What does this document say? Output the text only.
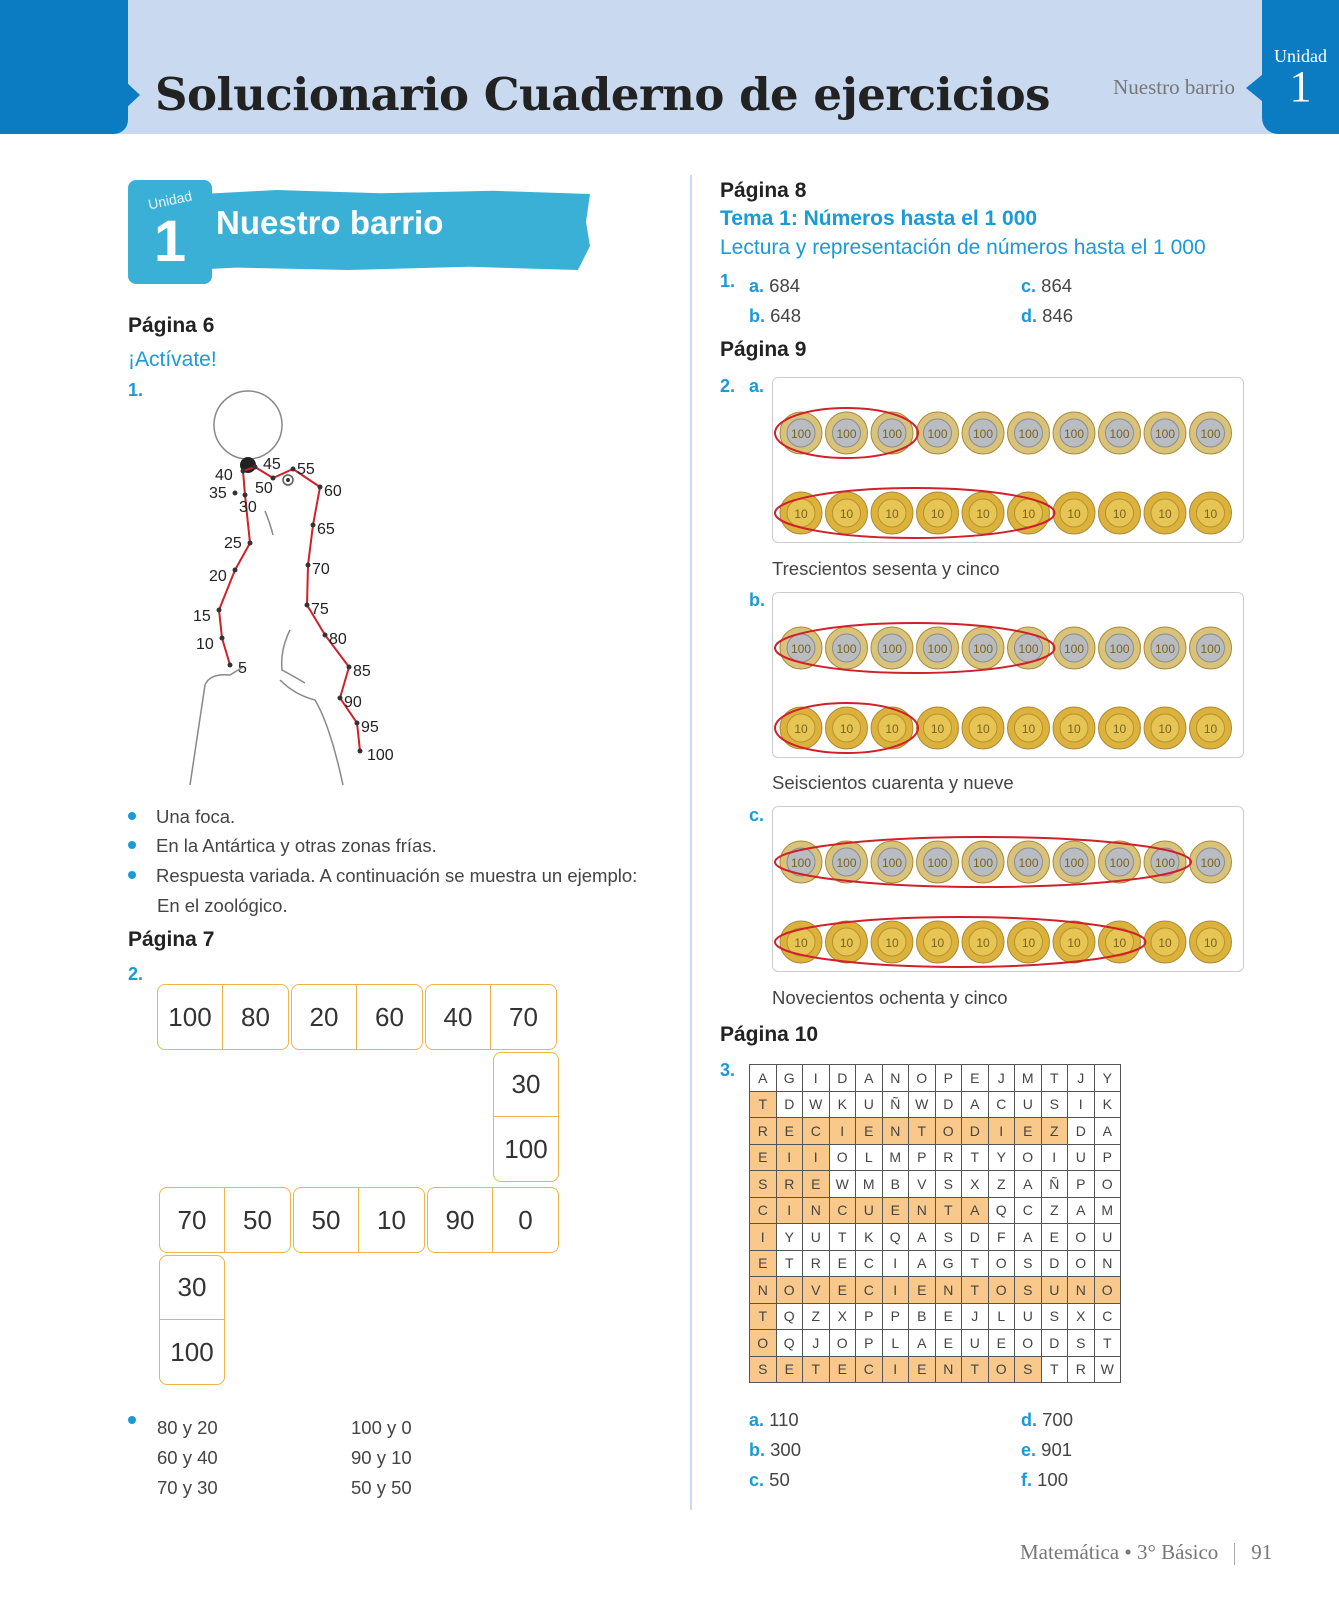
Solucionario Cuaderno de ejercicios	Nuestro barrio
Unidad
1
Unidad
1 Nuestro barrio
Página 6
¡Actívate!
1.
5
10
15
20
25
30
35
40
45
50
55
60
65
70
75
80
85
90
95
100
Una foca.
En la Antártica y otras zonas frías.
Respuesta variada. A continuación se muestra un ejemplo:
En el zoológico.
Página 7
2.
100	80	20	60	40	70
30
100
70	50	50	10	90	0
30
100
80 y 20
60 y 40
70 y 30
100 y 0
90 y 10
50 y 50
Página 8
Tema 1: Números hasta el 1 000
Lectura y representación de números hasta el 1 000
1. a. 684
b. 648
c. 864
d. 846
Página 9
2. a.
100 100 100 100 100 100 100 100 100 100
10	10	10	10	10	10	10	10	10	10
Trescientos sesenta y cinco
b.
100 100 100 100 100 100 100 100 100 100
10	10	10	10	10	10	10	10	10	10
Seiscientos cuarenta y nueve
c.
100 100 100 100 100 100 100 100 100 100
10	10	10	10	10	10	10	10	10	10
Novecientos ochenta y cinco
Página 10
3. A	G	I	D	A	N	O	P	E	J	M	T	J	Y
T	D	W	K	U	Ñ	W	D	A	C	U	S	I	K
R	E	C	I	E	N	T	O	D	I	E	Z	D	A
E	I	I	O	L	M	P	R	T	Y	O	I	U	P
S	R	E	W	M	B	V	S	X	Z	A	Ñ	P	O
C	I	N	C	U	E	N	T	A	Q	C	Z	A	M
I	Y	U	T	K	Q	A	S	D	F	A	E	O	U
E	T	R	E	C	I	A	G	T	O	S	D	O	N
N	O	V	E	C	I	E	N	T	O	S	U	N	O
T	Q	Z	X	P	P	B	E	J	L	U	S	X	C
O	Q	J	O	P	L	A	E	U	E	O	D	S	T
S	E	T	E	C	I	E	N	T	O	S	T	R	W
a. 110
b. 300
c. 50
d. 700
e. 901
f. 100
Matemática • 3° Básico 91
